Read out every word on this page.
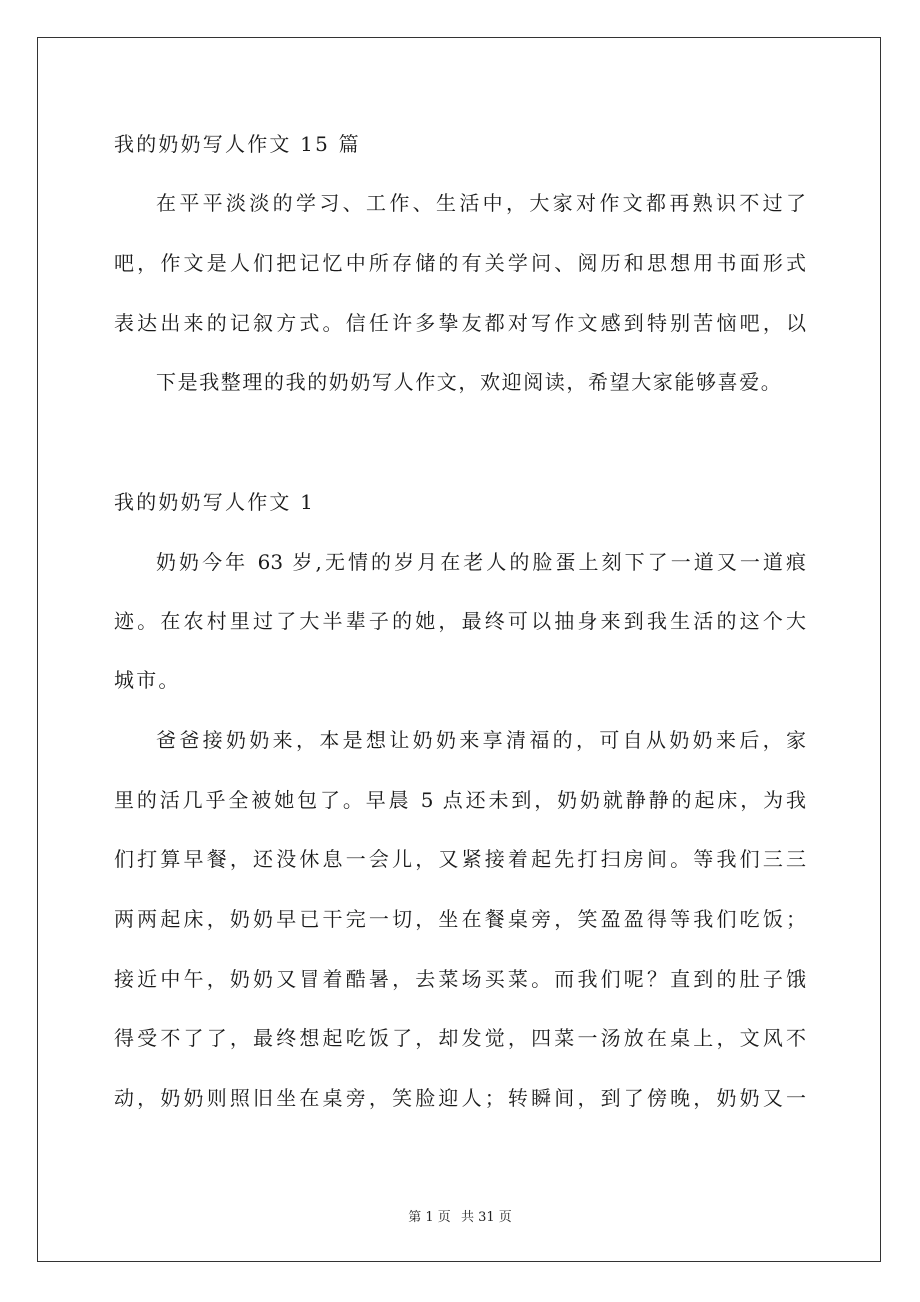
我的奶奶写人作文 15 篇
在平平淡淡的学习、工作、生活中，大家对作文都再熟识不过了
吧，作文是人们把记忆中所存储的有关学问、阅历和思想用书面形式
表达出来的记叙方式。信任许多挚友都对写作文感到特别苦恼吧，以
下是我整理的我的奶奶写人作文，欢迎阅读，希望大家能够喜爱。
我的奶奶写人作文 1
奶奶今年 63 岁,无情的岁月在老人的脸蛋上刻下了一道又一道痕
迹。在农村里过了大半辈子的她，最终可以抽身来到我生活的这个大
城市。
爸爸接奶奶来，本是想让奶奶来享清福的，可自从奶奶来后，家
里的活几乎全被她包了。早晨 5 点还未到，奶奶就静静的起床，为我
们打算早餐，还没休息一会儿，又紧接着起先打扫房间。等我们三三
两两起床，奶奶早已干完一切，坐在餐桌旁，笑盈盈得等我们吃饭；
接近中午，奶奶又冒着酷暑，去菜场买菜。而我们呢？直到的肚子饿
得受不了了，最终想起吃饭了，却发觉，四菜一汤放在桌上，文风不
动，奶奶则照旧坐在桌旁，笑脸迎人；转瞬间，到了傍晚，奶奶又一
第 1 页 共 31 页
